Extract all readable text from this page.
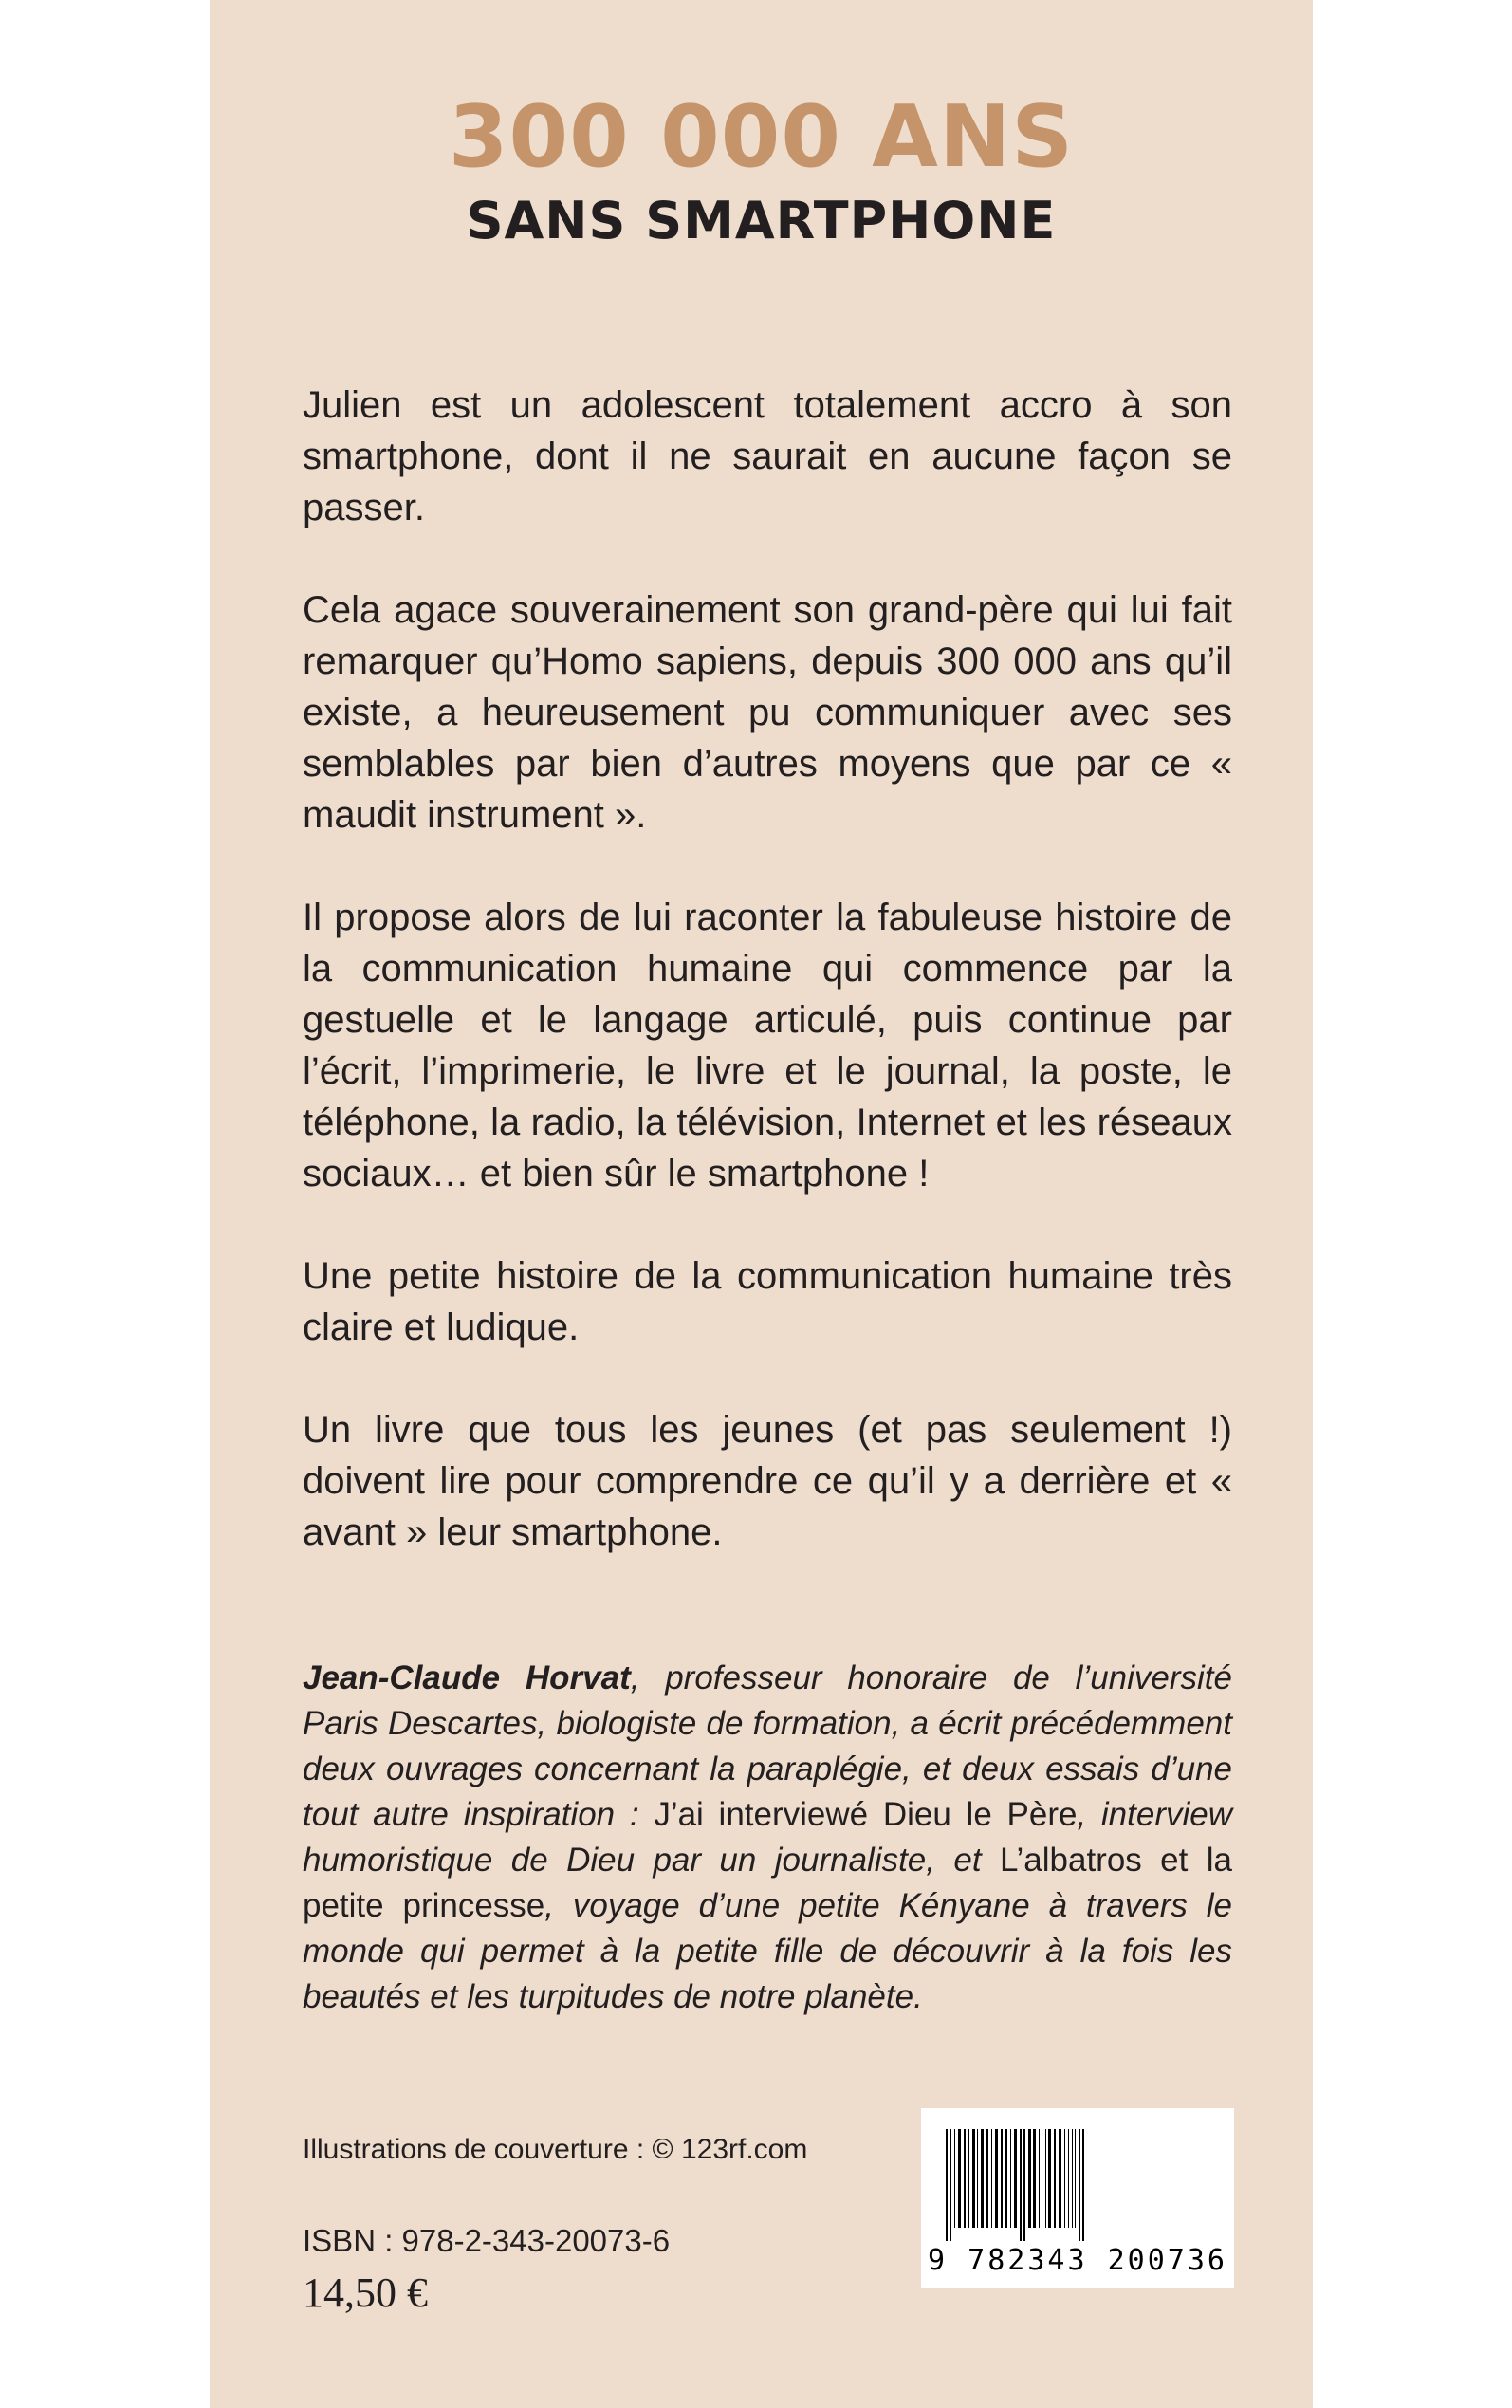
300 000 ANS
SANS SMARTPHONE

Julien est un adolescent totalement accro à son smartphone, dont il ne saurait en aucune façon se passer.

Cela agace souverainement son grand-père qui lui fait remarquer qu’Homo sapiens, depuis 300 000 ans qu’il existe, a heureusement pu communiquer avec ses semblables par bien d’autres moyens que par ce « maudit instrument ».

Il propose alors de lui raconter la fabuleuse histoire de la communication humaine qui commence par la gestuelle et le langage articulé, puis continue par l’écrit, l’imprimerie, le livre et le journal, la poste, le téléphone, la radio, la télévision, Internet et les réseaux sociaux… et bien sûr le smartphone !

Une petite histoire de la communication humaine très claire et ludique.

Un livre que tous les jeunes (et pas seulement !) doivent lire pour comprendre ce qu’il y a derrière et « avant » leur smartphone.

Jean-Claude Horvat, professeur honoraire de l’université Paris Descartes, biologiste de formation, a écrit précédemment deux ouvrages concernant la paraplégie, et deux essais d’une tout autre inspiration : J’ai interviewé Dieu le Père, interview humoristique de Dieu par un journaliste, et L’albatros et la petite princesse, voyage d’une petite Kényane à travers le monde qui permet à la petite fille de découvrir à la fois les beautés et les turpitudes de notre planète.

Illustrations de couverture : © 123rf.com

ISBN : 978-2-343-20073-6

14,50 €

9 782343 200736
